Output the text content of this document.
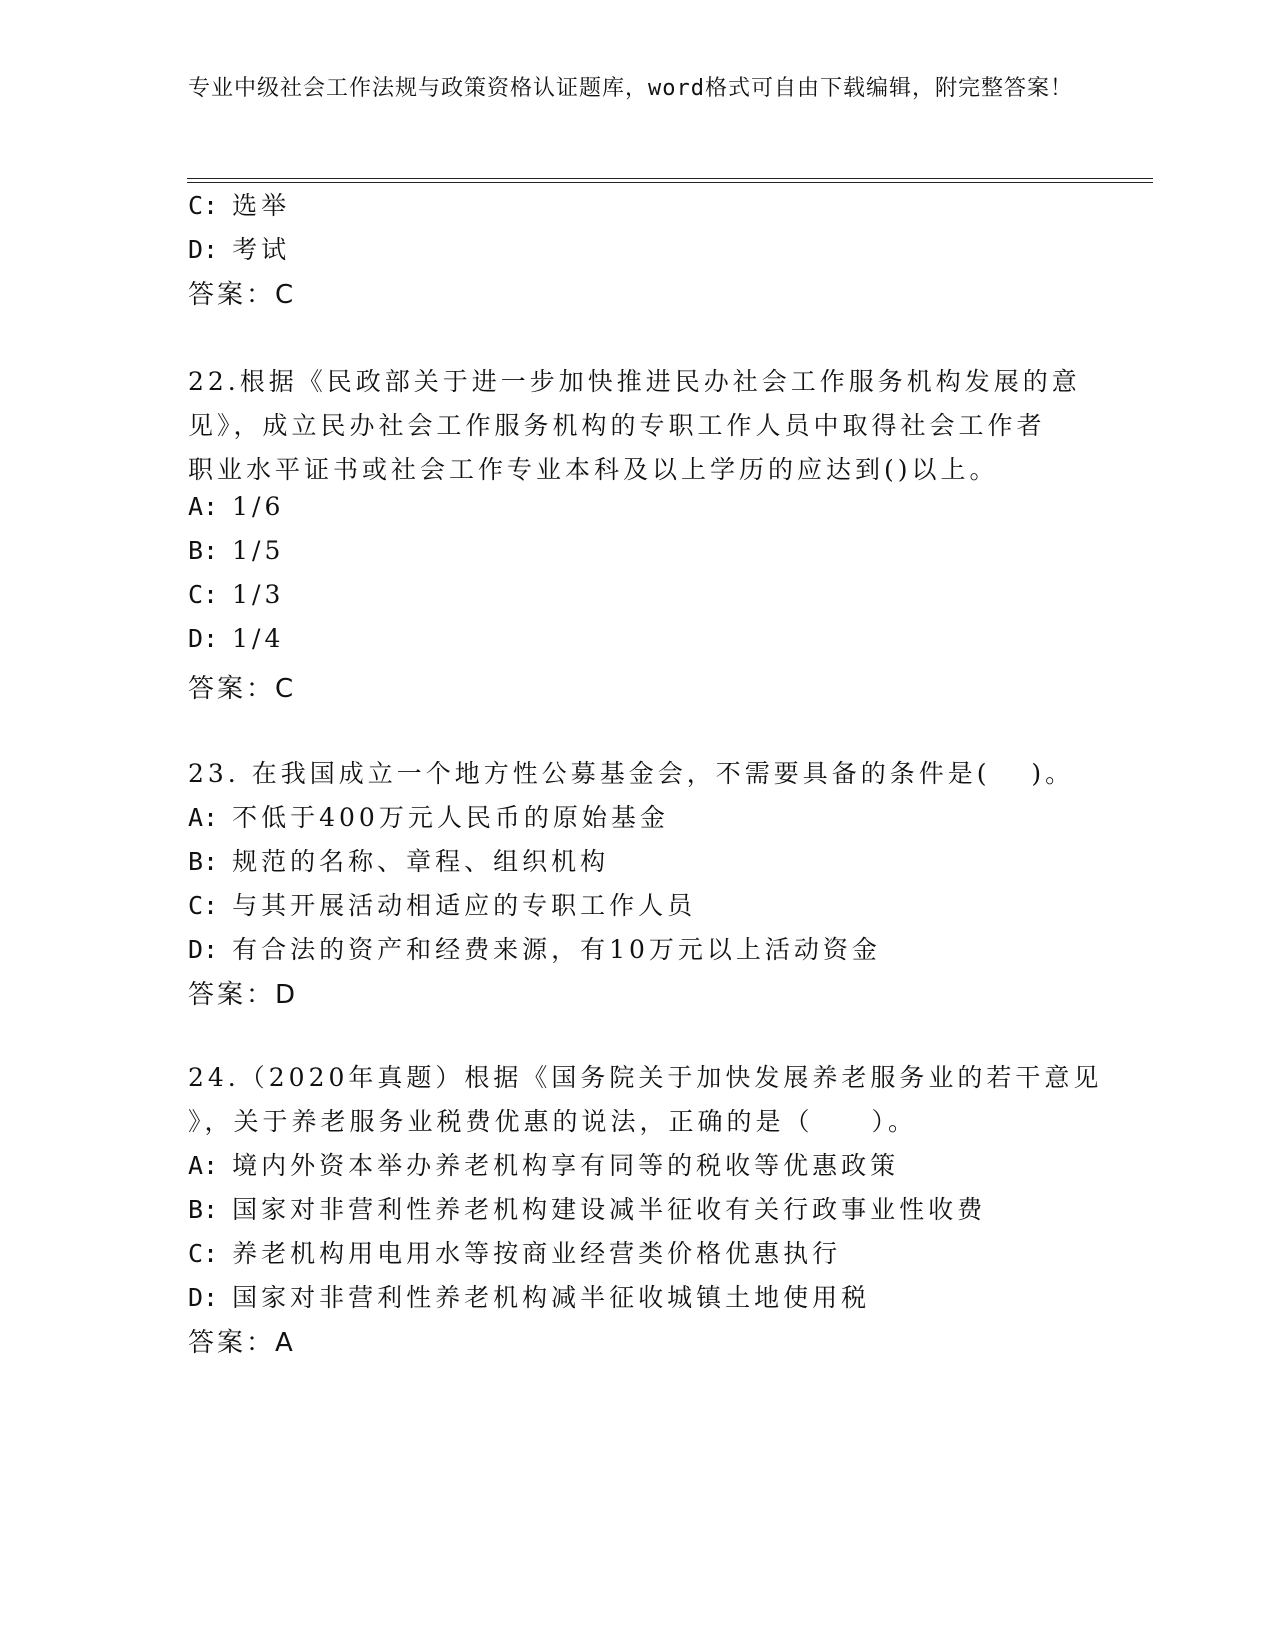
专业中级社会工作法规与政策资格认证题库，word格式可自由下载编辑，附完整答案！
C: 选举
D: 考试
答案：C
22.根据《民政部关于进一步加快推进民办社会工作服务机构发展的意
见》，成立民办社会工作服务机构的专职工作人员中取得社会工作者
职业水平证书或社会工作专业本科及以上学历的应达到()以上。
A: 1/6
B: 1/5
C: 1/3
D: 1/4
答案：C
23. 在我国成立一个地方性公募基金会，不需要具备的条件是(　 )。
A: 不低于400万元人民币的原始基金
B: 规范的名称、章程、组织机构
C: 与其开展活动相适应的专职工作人员
D: 有合法的资产和经费来源，有10万元以上活动资金
答案：D
24.（2020年真题）根据《国务院关于加快发展养老服务业的若干意见
》，关于养老服务业税费优惠的说法，正确的是（　　）。
A: 境内外资本举办养老机构享有同等的税收等优惠政策
B: 国家对非营利性养老机构建设减半征收有关行政事业性收费
C: 养老机构用电用水等按商业经营类价格优惠执行
D: 国家对非营利性养老机构减半征收城镇土地使用税
答案：A
